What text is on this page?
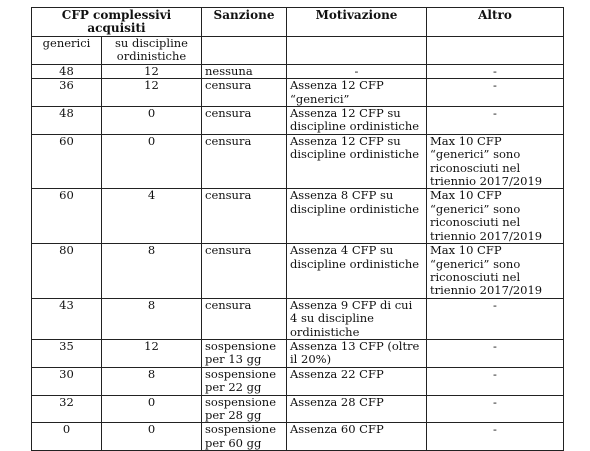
CFP complessivi acquisiti		Sanzione	Motivazione	Altro
generici	su discipline ordinistiche			
48	12	nessuna	-	-
36	12	censura	Assenza 12 CFP “generici”	-
48	0	censura	Assenza 12 CFP su discipline ordinistiche	-
60	0	censura	Assenza 12 CFP su discipline ordinistiche	Max 10 CFP “generici” sono riconosciuti nel triennio 2017/2019
60	4	censura	Assenza 8 CFP su discipline ordinistiche	Max 10 CFP “generici” sono riconosciuti nel triennio 2017/2019
80	8	censura	Assenza 4 CFP su discipline ordinistiche	Max 10 CFP “generici” sono riconosciuti nel triennio 2017/2019
43	8	censura	Assenza 9 CFP di cui 4 su discipline ordinistiche	-
35	12	sospensione per 13 gg	Assenza 13 CFP (oltre il 20%)	-
30	8	sospensione per 22 gg	Assenza 22 CFP	-
32	0	sospensione per 28 gg	Assenza 28 CFP	-
0	0	sospensione per 60 gg	Assenza 60 CFP	-
